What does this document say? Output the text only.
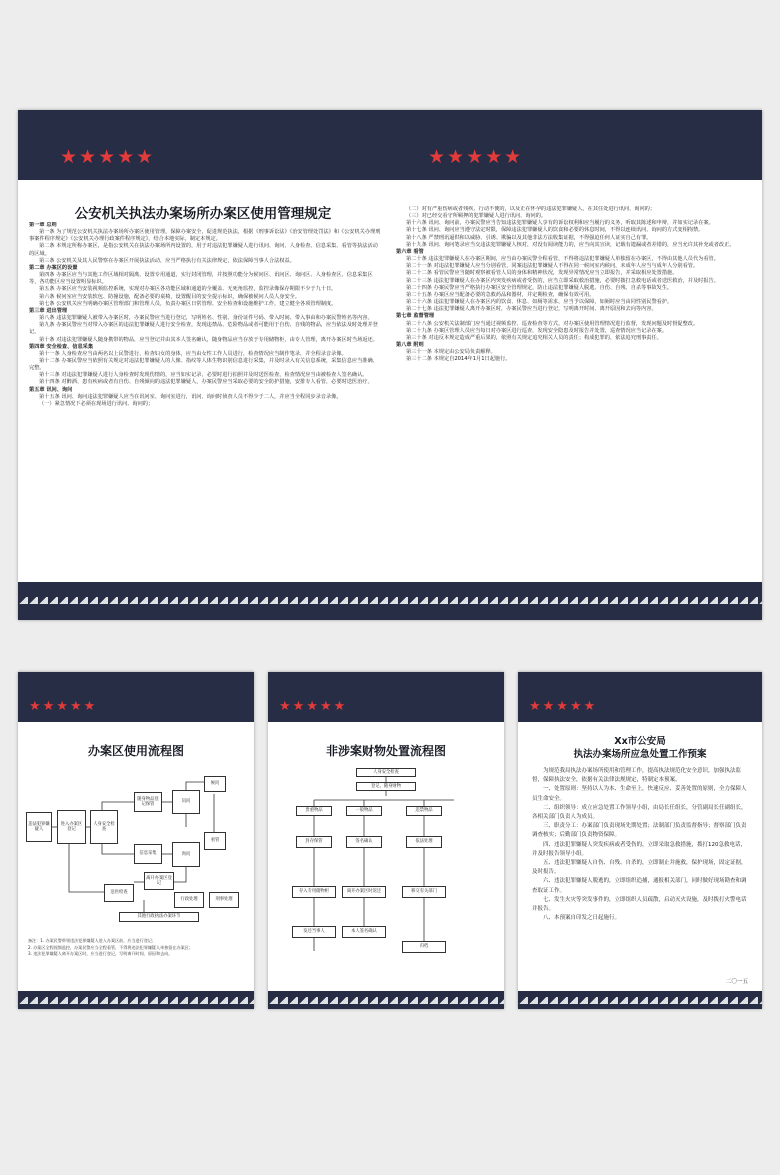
★★★★★	★★★★★
公安机关执法办案场所办案区使用管理规定

第一章 总则

第一条 为了规范公安机关执法办案场所办案区使用管理，保障办案安全，促进规范执法，根据《刑事诉讼法》《治安管理处罚法》和《公安机关办理刑事案件程序规定》《公安机关办理行政案件程序规定》，结合本地实际，制定本规定。

第二条 本规定所称办案区，是指公安机关在执法办案场所内设置的，用于对违法犯罪嫌疑人进行讯问、询问、人身检查、信息采集、看管等执法活动的区域。

第三条 公安机关及其人民警察在办案区开展执法活动，应当严格执行有关法律规定，依法保障当事人合法权益。

第二章 办案区的设置

第四条 办案区应当与其他工作区域相对隔离，设置专用通道，实行封闭管理，并按照功能分为候问区、讯问区、询问区、人身检查区、信息采集区等，各功能区应当设置明显标识。

第五条 办案区应当安装视频监控系统，实现对办案区各功能区域和通道的全覆盖、无死角监控，监控录像保存期限不少于九十日。

第六条 候问室应当安装软包、防撞设施，配备必要的桌椅，设置醒目的安全提示标识，确保被候问人员人身安全。

第七条 公安机关应当明确办案区管理部门和管理人员，负责办案区日常管理、安全检查和设施维护工作，建立健全各项管理制度。

第三章 进出管理

第八条 违法犯罪嫌疑人被带入办案区时，办案民警应当进行登记，写明姓名、性别、身份证件号码、带入时间、带入事由和办案民警姓名等内容。

第九条 办案民警应当对带入办案区的违法犯罪嫌疑人进行安全检查，发现违禁品、危险物品或者可能用于自伤、自残的物品，应当依法及时处理并登记。

第十条 对违法犯罪嫌疑人随身携带的物品，应当登记并由其本人签名确认，随身物品应当存放于专用储物柜，由专人管理，离开办案区时当场返还。

第四章 安全检查、信息采集

第十一条 人身检查应当由两名以上民警进行，检查妇女的身体，应当由女性工作人员进行，检查情况应当制作笔录，并全程录音录像。

第十二条 办案民警应当依照有关规定对违法犯罪嫌疑人的人像、指纹等人体生物识别信息进行采集，并及时录入有关信息系统，采集信息应当准确、完整。

第十三条 对违法犯罪嫌疑人进行人身检查时发现伤情的，应当如实记录，必要时进行拍照并及时送医检查，检查情况应当由被检查人签名确认。

第十四条 对醉酒、患有疾病或者有自伤、自残倾向的违法犯罪嫌疑人，办案民警应当采取必要的安全防护措施，安排专人看管，必要时送医治疗。

第五章 讯问、询问

第十五条 讯问、询问违法犯罪嫌疑人应当在讯问室、询问室进行，讯问、询问时侦查人员不得少于二人，并应当全程同步录音录像。

（一）紧急情况下必须在现场进行讯问、询问的；

（二）对有严重伤病或者残疾、行动不便的，以及正在怀孕的违法犯罪嫌疑人，在其住处进行讯问、询问的；

（三）对已经交看守所羁押的犯罪嫌疑人进行讯问、询问的。

第十六条 讯问、询问前，办案民警应当告知违法犯罪嫌疑人享有的诉讼权利和应当履行的义务，听取其陈述和申辩，并如实记录在案。

第十七条 讯问、询问应当遵守法定时限，保障违法犯罪嫌疑人的饮食和必要的休息时间，不得以连续讯问、询问的方式变相拘禁。

第十八条 严禁刑讯逼供和以威胁、引诱、欺骗以及其他非法方法收集证据，不得强迫任何人证实自己有罪。

第十九条 讯问、询问笔录应当交违法犯罪嫌疑人核对，对没有阅读能力的，应当向其宣读，记载有遗漏或者差错的，应当允许其补充或者改正。

第六章 看管

第二十条 违法犯罪嫌疑人在办案区期间，应当由办案民警全程看管，不得将违法犯罪嫌疑人单独留在办案区，不得由其他人员代为看管。

第二十一条 对违法犯罪嫌疑人应当分别看管，同案违法犯罪嫌疑人不得在同一候问室内候问，未成年人应当与成年人分别看管。

第二十二条 看管民警应当随时观察被看管人员的身体和精神状况，发现异常情况应当立即报告，并采取相应处置措施。

第二十三条 违法犯罪嫌疑人在办案区内突发疾病或者受伤的，应当立即采取救治措施，必要时拨打急救电话或者送医救治，并及时报告。

第二十四条 办案民警应当严格执行办案区安全管理规定，防止违法犯罪嫌疑人脱逃、自伤、自残、自杀等事故发生。

第二十五条 办案区应当配备必要的急救药品和器材，并定期检查，确保有效可用。

第二十六条 违法犯罪嫌疑人在办案区内的饮食、休息、如厕等需求，应当予以保障，如厕时应当由同性别民警看护。

第二十七条 违法犯罪嫌疑人离开办案区时，办案民警应当进行登记，写明离开时间、离开原因和去向等内容。

第七章 监督管理

第二十八条 公安机关法制部门应当通过视频监控、巡查检查等方式，对办案区使用管理情况进行监督，发现问题及时督促整改。

第二十九条 办案区管理人员应当每日对办案区进行巡查，发现安全隐患及时报告并处置，巡查情况应当记录在案。

第三十条 对违反本规定造成严重后果的，依照有关规定追究相关人员的责任；构成犯罪的，依法追究刑事责任。

第八章 附则

第三十一条 本规定由公安局负责解释。

第三十二条 本规定自2014年1月1日起施行。

★★★★★
办案区使用流程图
违法犯罪嫌疑人
进入办案区登记
人身安全检查
随身物品登记保管
信息采集
讯问
询问
候问
看管
离开办案区登记
送医检查
行政处理	刑事处理
其他行政执法办案环节
备注：1. 办案民警带领违法犯罪嫌疑人进入办案区前，应当进行登记；
2. 办案区全程视频监控，办案民警应当全程看管，不得将违法犯罪嫌疑人单独留在办案区；
3. 违法犯罪嫌疑人离开办案区时，应当进行登记，写明离开时间、原因和去向。
★★★★★
非涉案财物处置流程图
人身安全检查
登记、随身财物
贵重物品	一般物品	违禁物品
封存保管	签名确认	依法处理
存入专用储物柜	移交有关部门
离开办案区时返还
本人签名确认
发还当事人
归档
★★★★★
Xx市公安局
执法办案场所应急处置工作预案

为规范我局执法办案场所使用和管理工作，提高执法规范化安全意识，加强执法监督，保障执法安全，依据有关法律法规规定，特制定本预案。

一、处置原则：坚持以人为本、生命至上，快速反应、妥善处置的原则，全力保障人员生命安全。

二、组织领导：成立应急处置工作领导小组，由局长任组长，分管副局长任副组长，各相关部门负责人为成员。

三、职责分工：办案部门负责现场先期处置；法制部门负责监督指导；督察部门负责调查核实；后勤部门负责物资保障。

四、违法犯罪嫌疑人突发疾病或者受伤的，立即采取急救措施，拨打120急救电话，并及时报告领导小组。

五、违法犯罪嫌疑人自伤、自残、自杀的，立即制止并施救，保护现场，固定证据，及时报告。

六、违法犯罪嫌疑人脱逃的，立即组织追捕，通报相关部门，同时做好现场勘查和调查取证工作。

七、发生火灾等突发事件的，立即组织人员疏散，启动灭火设施，及时拨打火警电话并报告。

八、本预案自印发之日起施行。

二〇一五
